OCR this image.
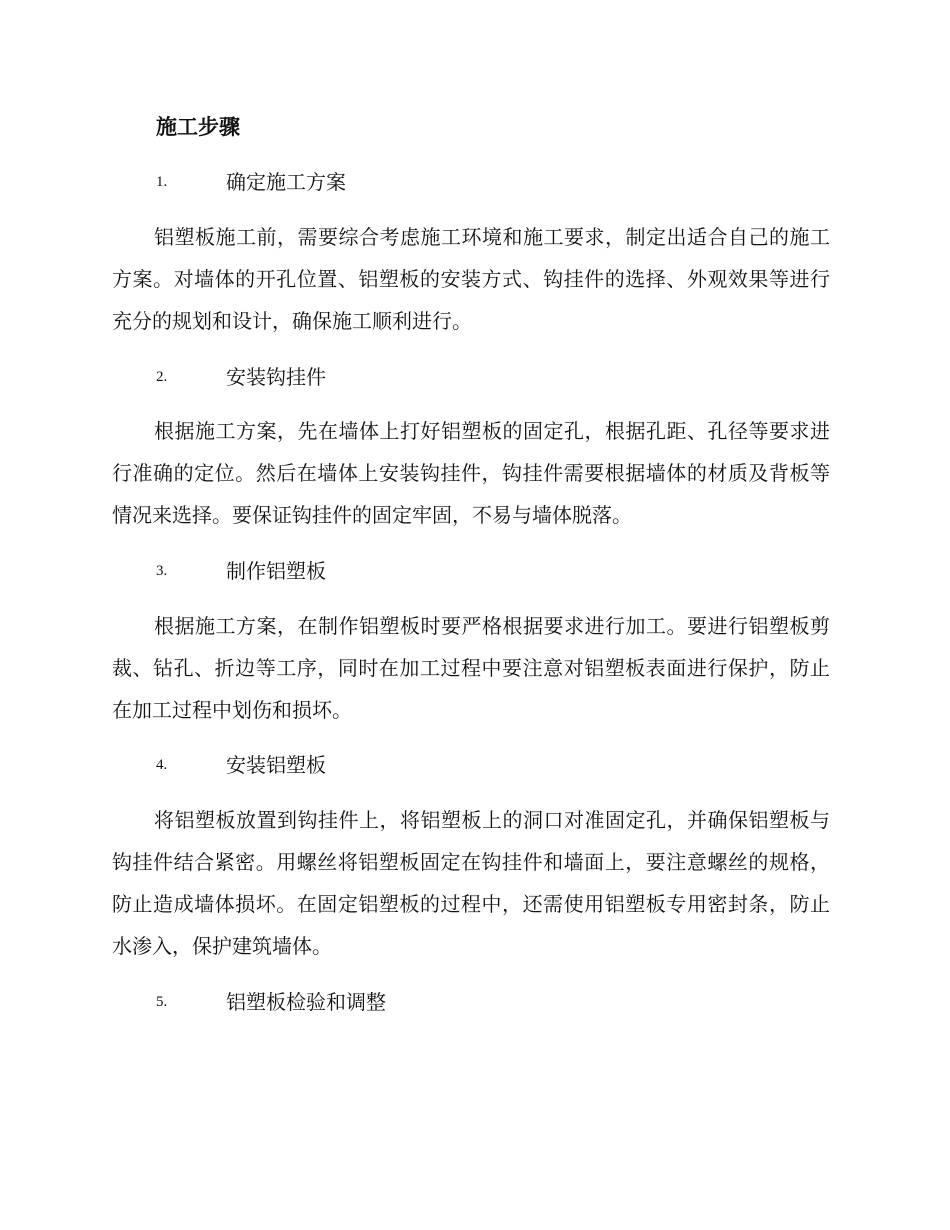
施工步骤
1.	确定施工方案

铝塑板施工前，需要综合考虑施工环境和施工要求，制定出适合自己的施工方案。对墙体的开孔位置、铝塑板的安装方式、钩挂件的选择、外观效果等进行充分的规划和设计，确保施工顺利进行。

2.	安装钩挂件

根据施工方案，先在墙体上打好铝塑板的固定孔，根据孔距、孔径等要求进行准确的定位。然后在墙体上安装钩挂件，钩挂件需要根据墙体的材质及背板等情况来选择。要保证钩挂件的固定牢固，不易与墙体脱落。

3.	制作铝塑板

根据施工方案，在制作铝塑板时要严格根据要求进行加工。要进行铝塑板剪裁、钻孔、折边等工序，同时在加工过程中要注意对铝塑板表面进行保护，防止在加工过程中划伤和损坏。

4.	安装铝塑板

将铝塑板放置到钩挂件上，将铝塑板上的洞口对准固定孔，并确保铝塑板与钩挂件结合紧密。用螺丝将铝塑板固定在钩挂件和墙面上，要注意螺丝的规格，防止造成墙体损坏。在固定铝塑板的过程中，还需使用铝塑板专用密封条，防止水渗入，保护建筑墙体。

5.	铝塑板检验和调整
